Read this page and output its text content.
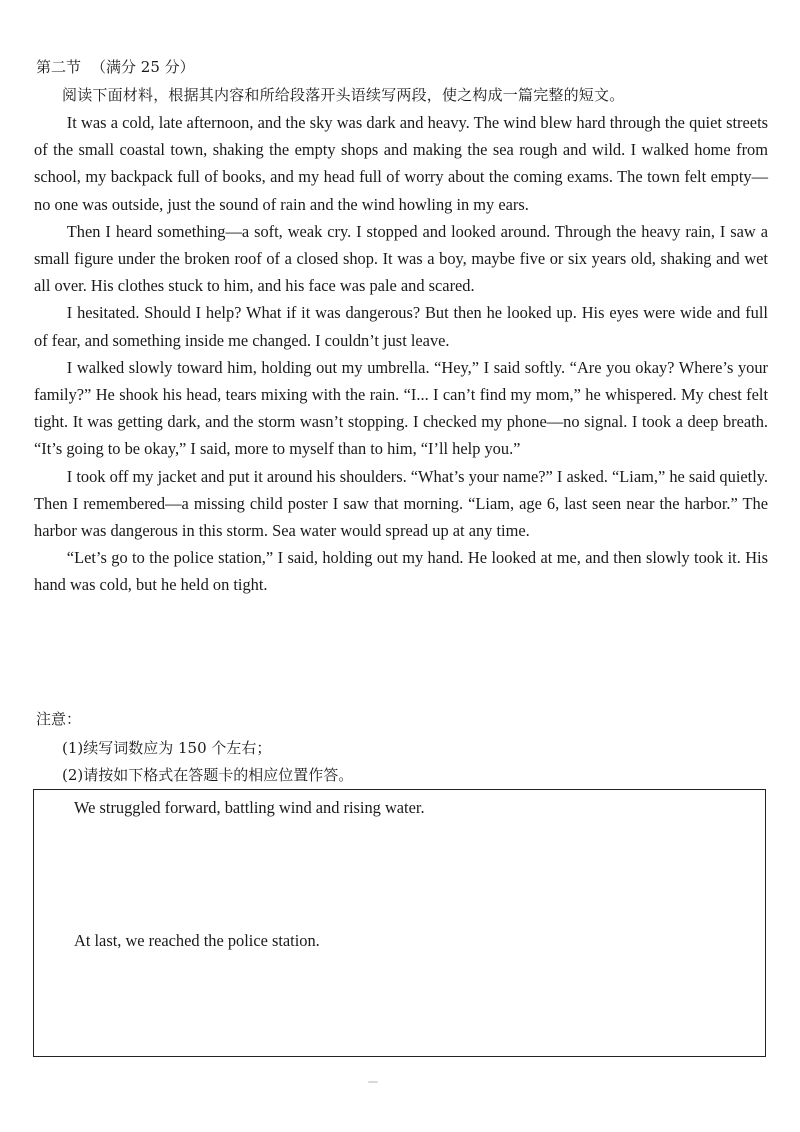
第二节 （满分 25 分）
阅读下面材料，根据其内容和所给段落开头语续写两段，使之构成一篇完整的短文。

It was a cold, late afternoon, and the sky was dark and heavy. The wind blew hard through the quiet streets of the small coastal town, shaking the empty shops and making the sea rough and wild. I walked home from school, my backpack full of books, and my head full of worry about the coming exams. The town felt empty—no one was outside, just the sound of rain and the wind howling in my ears.

Then I heard something—a soft, weak cry. I stopped and looked around. Through the heavy rain, I saw a small figure under the broken roof of a closed shop. It was a boy, maybe five or six years old, shaking and wet all over. His clothes stuck to him, and his face was pale and scared.

I hesitated. Should I help? What if it was dangerous? But then he looked up. His eyes were wide and full of fear, and something inside me changed. I couldn’t just leave.

I walked slowly toward him, holding out my umbrella. “Hey,” I said softly. “Are you okay? Where’s your family?” He shook his head, tears mixing with the rain. “I... I can’t find my mom,” he whispered. My chest felt tight. It was getting dark, and the storm wasn’t stopping. I checked my phone—no signal. I took a deep breath. “It’s going to be okay,” I said, more to myself than to him, “I’ll help you.”

I took off my jacket and put it around his shoulders. “What’s your name?” I asked. “Liam,” he said quietly. Then I remembered—a missing child poster I saw that morning. “Liam, age 6, last seen near the harbor.” The harbor was dangerous in this storm. Sea water would spread up at any time.

“Let’s go to the police station,” I said, holding out my hand. He looked at me, and then slowly took it. His hand was cold, but he held on tight.

注意：
(1)续写词数应为 150 个左右；
(2)请按如下格式在答题卡的相应位置作答。
We struggled forward, battling wind and rising water.
At last, we reached the police station.
